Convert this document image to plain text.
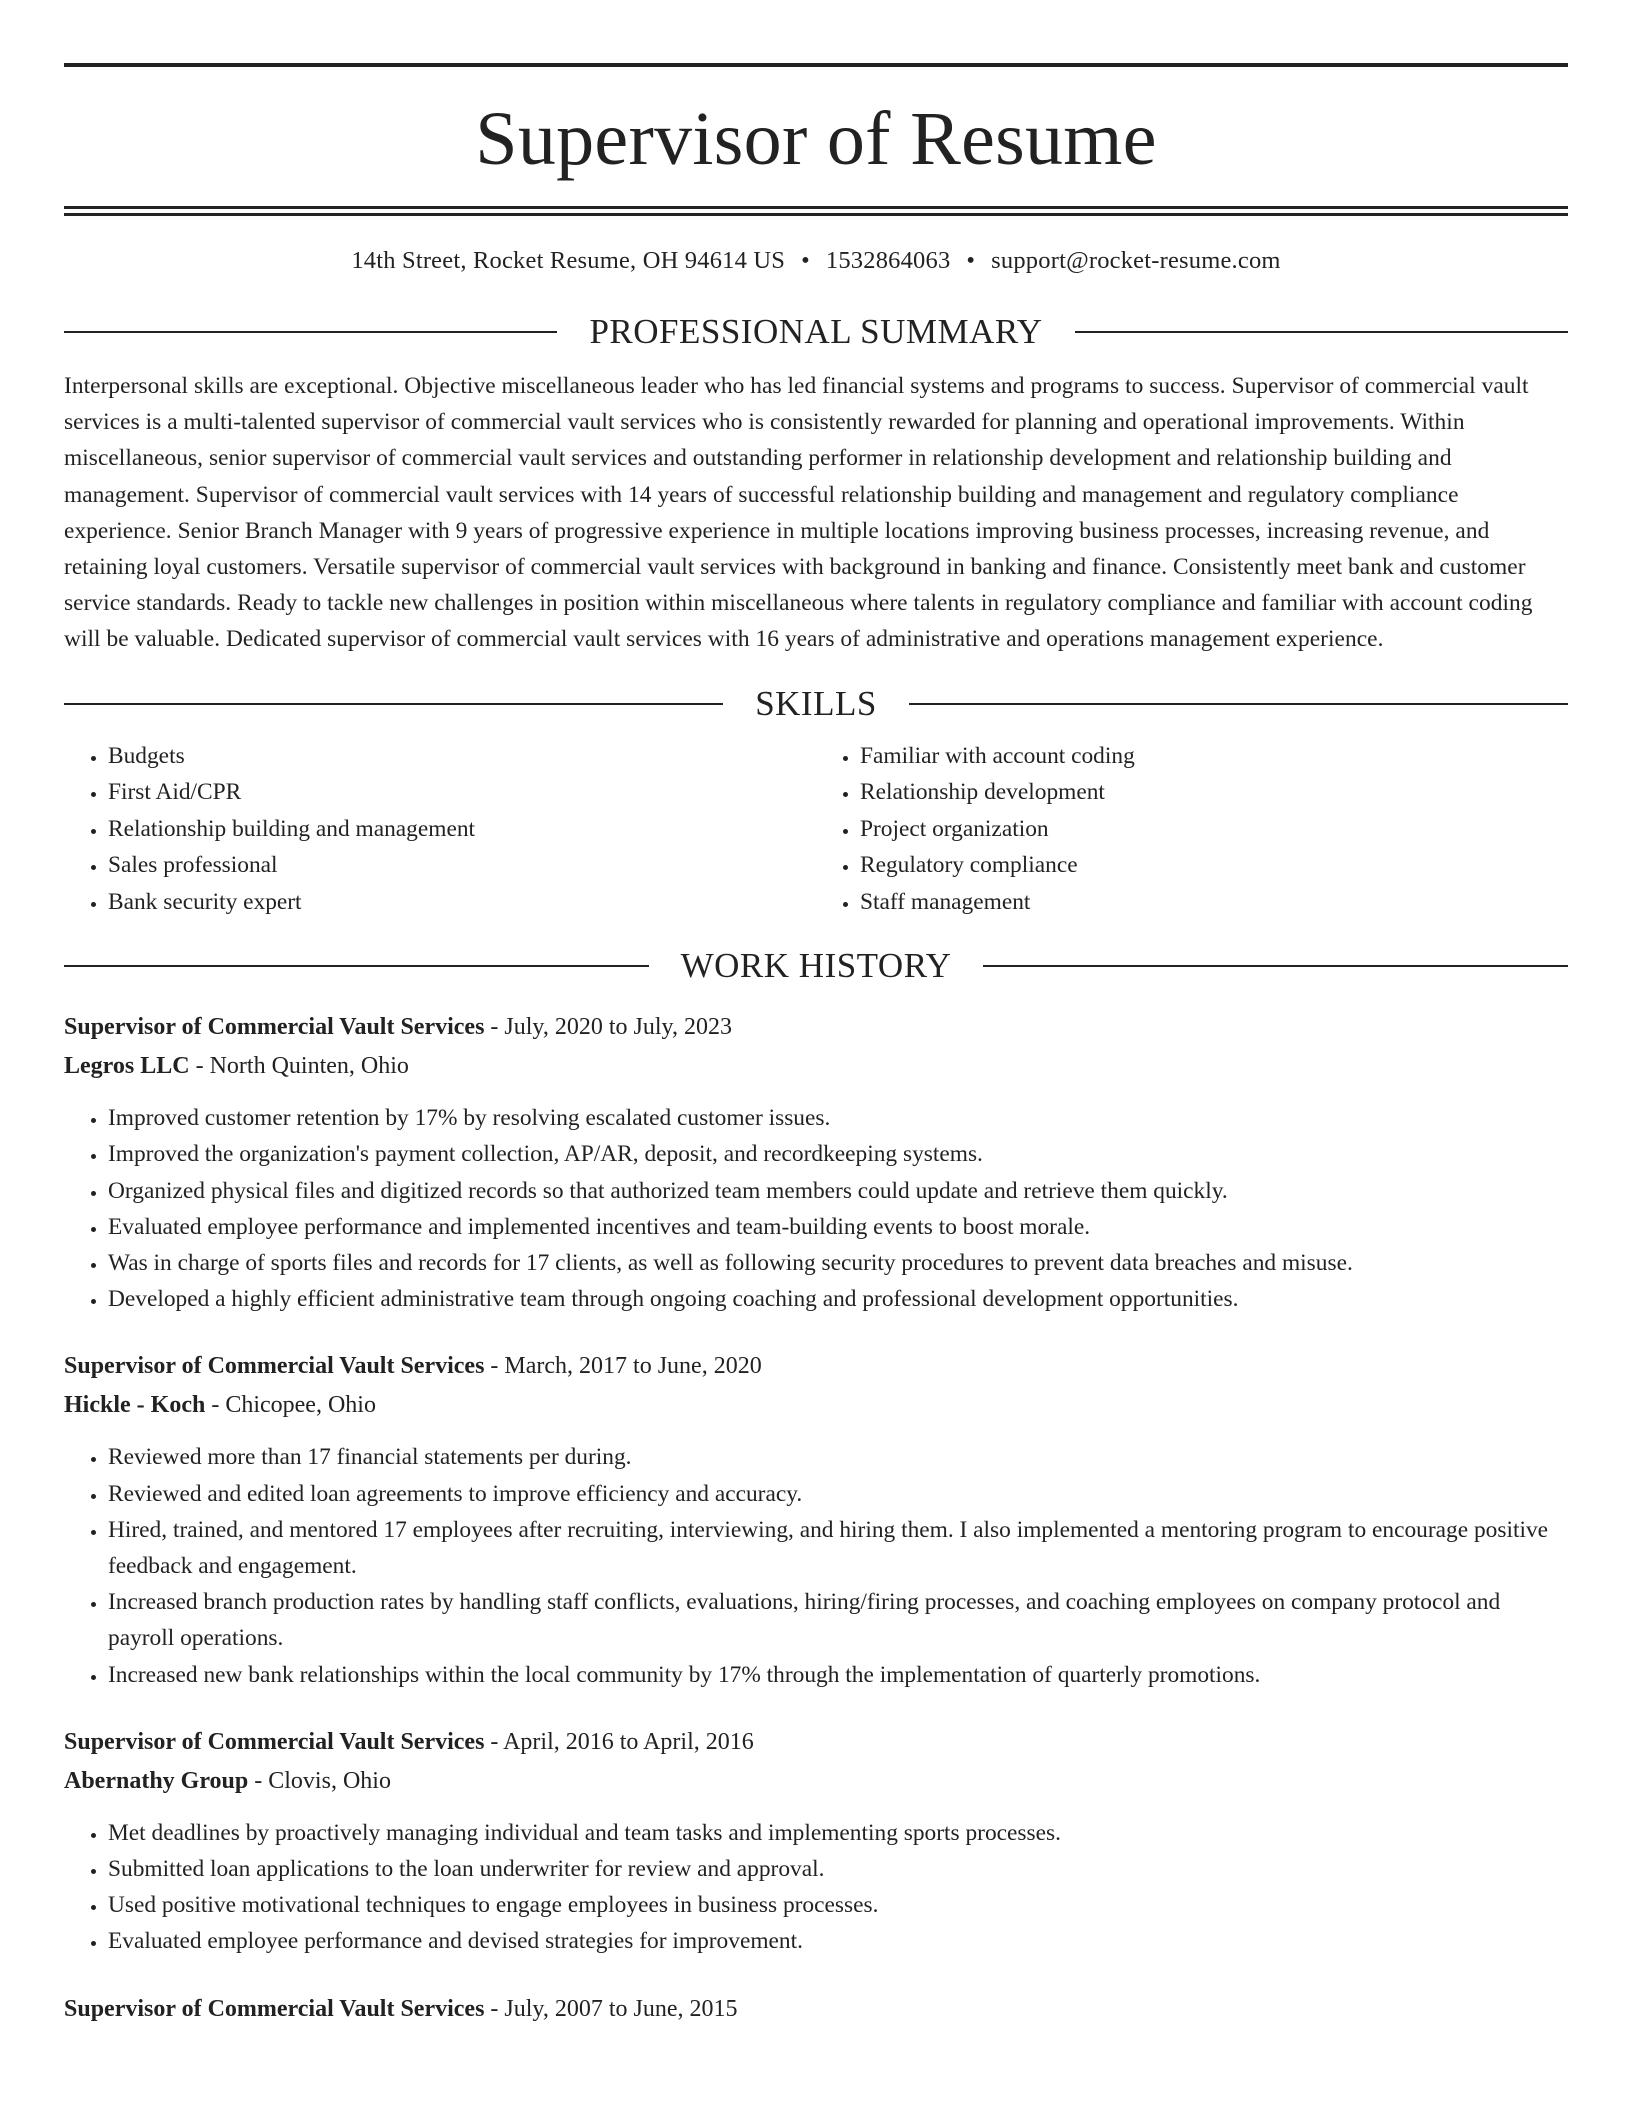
Supervisor of Resume
14th Street, Rocket Resume, OH 94614 US • 1532864063 • support@rocket-resume.com
PROFESSIONAL SUMMARY
Interpersonal skills are exceptional. Objective miscellaneous leader who has led financial systems and programs to success. Supervisor of commercial vault services is a multi-talented supervisor of commercial vault services who is consistently rewarded for planning and operational improvements. Within miscellaneous, senior supervisor of commercial vault services and outstanding performer in relationship development and relationship building and management. Supervisor of commercial vault services with 14 years of successful relationship building and management and regulatory compliance experience. Senior Branch Manager with 9 years of progressive experience in multiple locations improving business processes, increasing revenue, and retaining loyal customers. Versatile supervisor of commercial vault services with background in banking and finance. Consistently meet bank and customer service standards. Ready to tackle new challenges in position within miscellaneous where talents in regulatory compliance and familiar with account coding will be valuable. Dedicated supervisor of commercial vault services with 16 years of administrative and operations management experience.
SKILLS
• Budgets
• First Aid/CPR
• Relationship building and management
• Sales professional
• Bank security expert
• Familiar with account coding
• Relationship development
• Project organization
• Regulatory compliance
• Staff management
WORK HISTORY
Supervisor of Commercial Vault Services - July, 2020 to July, 2023
Legros LLC - North Quinten, Ohio
• Improved customer retention by 17% by resolving escalated customer issues.
• Improved the organization's payment collection, AP/AR, deposit, and recordkeeping systems.
• Organized physical files and digitized records so that authorized team members could update and retrieve them quickly.
• Evaluated employee performance and implemented incentives and team-building events to boost morale.
• Was in charge of sports files and records for 17 clients, as well as following security procedures to prevent data breaches and misuse.
• Developed a highly efficient administrative team through ongoing coaching and professional development opportunities.
Supervisor of Commercial Vault Services - March, 2017 to June, 2020
Hickle - Koch - Chicopee, Ohio
• Reviewed more than 17 financial statements per during.
• Reviewed and edited loan agreements to improve efficiency and accuracy.
• Hired, trained, and mentored 17 employees after recruiting, interviewing, and hiring them. I also implemented a mentoring program to encourage positive feedback and engagement.
• Increased branch production rates by handling staff conflicts, evaluations, hiring/firing processes, and coaching employees on company protocol and payroll operations.
• Increased new bank relationships within the local community by 17% through the implementation of quarterly promotions.
Supervisor of Commercial Vault Services - April, 2016 to April, 2016
Abernathy Group - Clovis, Ohio
• Met deadlines by proactively managing individual and team tasks and implementing sports processes.
• Submitted loan applications to the loan underwriter for review and approval.
• Used positive motivational techniques to engage employees in business processes.
• Evaluated employee performance and devised strategies for improvement.
Supervisor of Commercial Vault Services - July, 2007 to June, 2015
